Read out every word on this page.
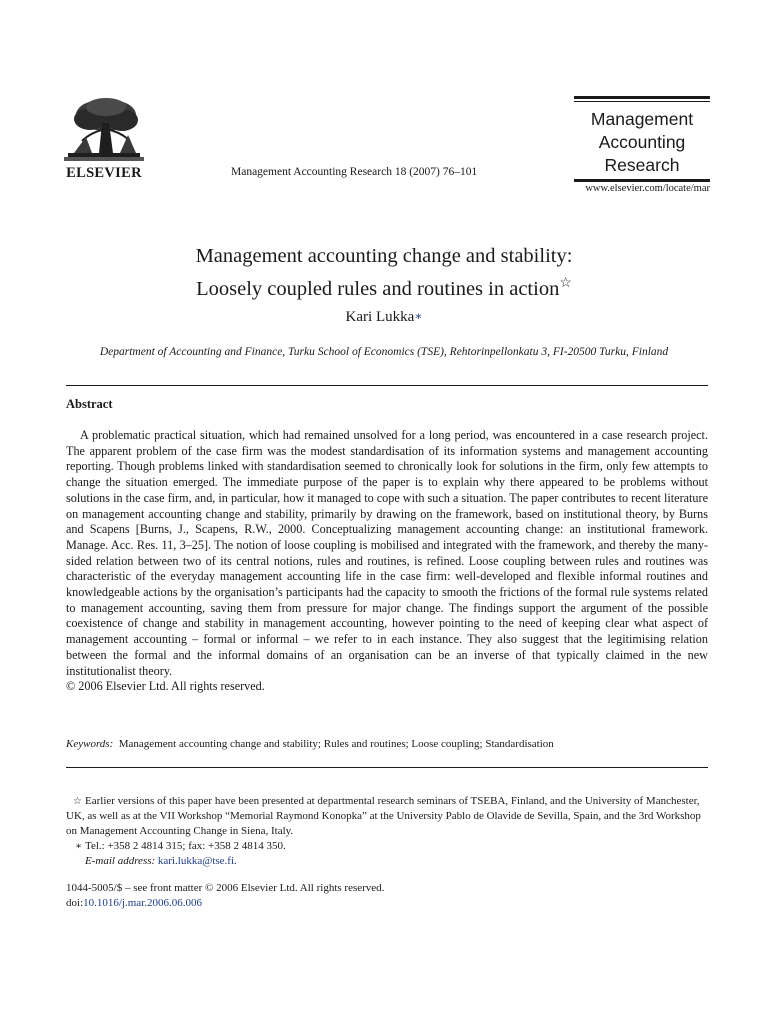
ELSEVIER	Management Accounting Research 18 (2007) 76–101
Management
Accounting
Research
www.elsevier.com/locate/mar
Management accounting change and stability:
Loosely coupled rules and routines in action☆
Kari Lukka∗
Department of Accounting and Finance, Turku School of Economics (TSE), Rehtorinpellonkatu 3, FI-20500 Turku, Finland
Abstract
A problematic practical situation, which had remained unsolved for a long period, was encountered in a case research project. The apparent problem of the case firm was the modest standardisation of its information systems and management accounting reporting. Though problems linked with standardisation seemed to chronically look for solutions in the firm, only few attempts to change the situation emerged. The immediate purpose of the paper is to explain why there appeared to be problems without solutions in the case firm, and, in particular, how it managed to cope with such a situation. The paper contributes to recent literature on management accounting change and stability, primarily by drawing on the framework, based on institutional theory, by Burns and Scapens [Burns, J., Scapens, R.W., 2000. Conceptualizing management accounting change: an institutional framework. Manage. Acc. Res. 11, 3–25]. The notion of loose coupling is mobilised and integrated with the framework, and thereby the many-sided relation between two of its central notions, rules and routines, is refined. Loose coupling between rules and routines was characteristic of the everyday management accounting life in the case firm: well-developed and flexible informal routines and knowledgeable actions by the organisation’s participants had the capacity to smooth the frictions of the formal rule systems related to management accounting, saving them from pressure for major change. The findings support the argument of the possible coexistence of change and stability in management accounting, however pointing to the need of keeping clear what aspect of management accounting – formal or informal – we refer to in each instance. They also suggest that the legitimising relation between the formal and the informal domains of an organisation can be an inverse of that typically claimed in the new institutionalist theory.
© 2006 Elsevier Ltd. All rights reserved.
Keywords: Management accounting change and stability; Rules and routines; Loose coupling; Standardisation
☆ Earlier versions of this paper have been presented at departmental research seminars of TSEBA, Finland, and the University of Manchester, UK, as well as at the VII Workshop “Memorial Raymond Konopka” at the University Pablo de Olavide de Sevilla, Spain, and the 3rd Workshop on Management Accounting Change in Siena, Italy.
∗ Tel.: +358 2 4814 315; fax: +358 2 4814 350.
E-mail address: kari.lukka@tse.fi.
1044-5005/$ – see front matter © 2006 Elsevier Ltd. All rights reserved.
doi:10.1016/j.mar.2006.06.006
